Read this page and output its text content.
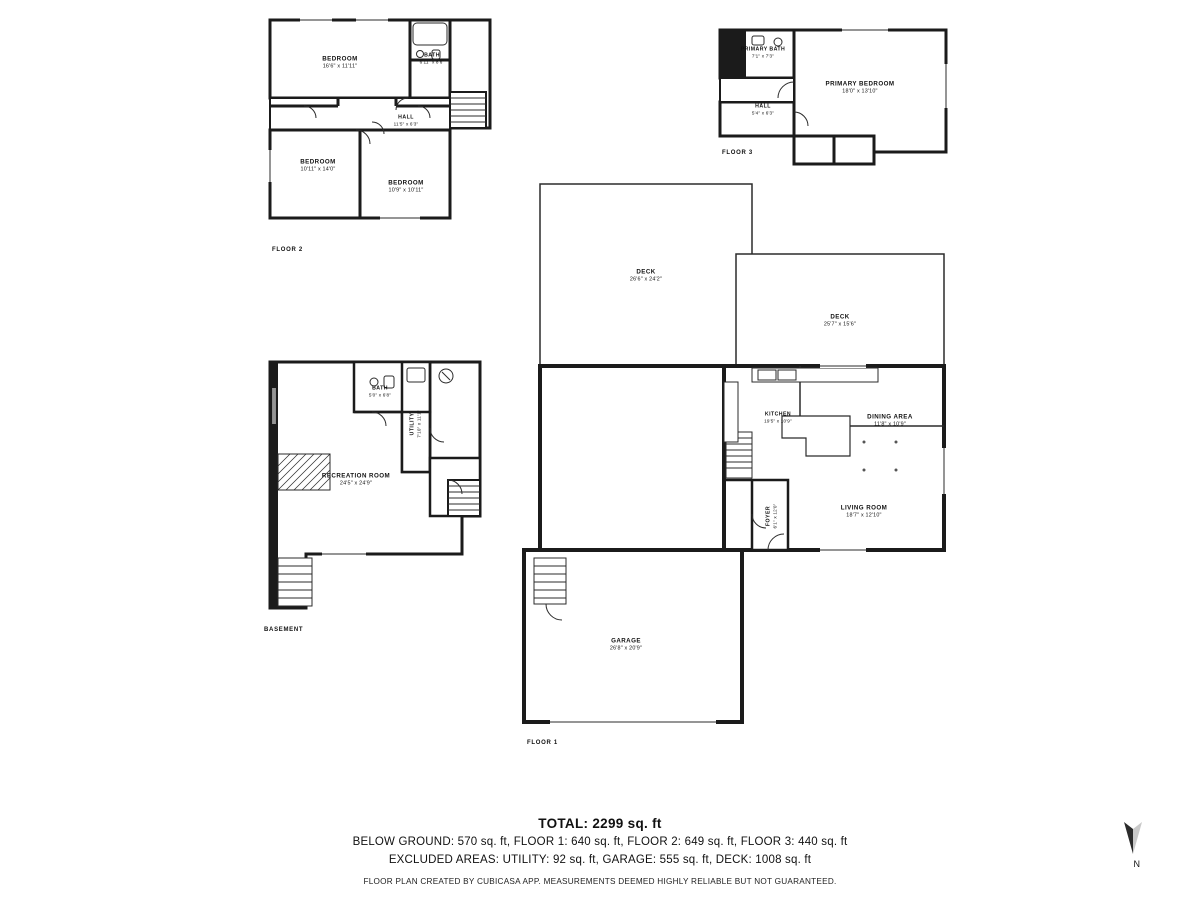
BEDROOM
16'6" x 11'11"
BATH
6'11" x 8'6"
HALL
11'5" x 6'3"
BEDROOM
10'11" x 14'0"
BEDROOM
10'9" x 10'11"
FLOOR 2
PRIMARY BATH
7'1" x 7'3"
PRIMARY BEDROOM
18'0" x 13'10"
HALL
5'4" x 6'3"
FLOOR 3
BATH
5'0" x 6'8"
UTILITY 7'10" x 11'1"
RECREATION ROOM
24'5" x 24'9"
BASEMENT
DECK
26'6" x 24'2"
DECK
25'7" x 15'6"
KITCHEN
19'5" x 10'9"
DINING AREA
11'8" x 10'9"
LIVING ROOM
18'7" x 12'10"
FOYER 6'1" x 12'0"
GARAGE
26'8" x 20'9"
FLOOR 1
TOTAL: 2299 sq. ft
BELOW GROUND: 570 sq. ft, FLOOR 1: 640 sq. ft, FLOOR 2: 649 sq. ft, FLOOR 3: 440 sq. ft
EXCLUDED AREAS: UTILITY: 92 sq. ft, GARAGE: 555 sq. ft, DECK: 1008 sq. ft
FLOOR PLAN CREATED BY CUBICASA APP. MEASUREMENTS DEEMED HIGHLY RELIABLE BUT NOT GUARANTEED.
N
